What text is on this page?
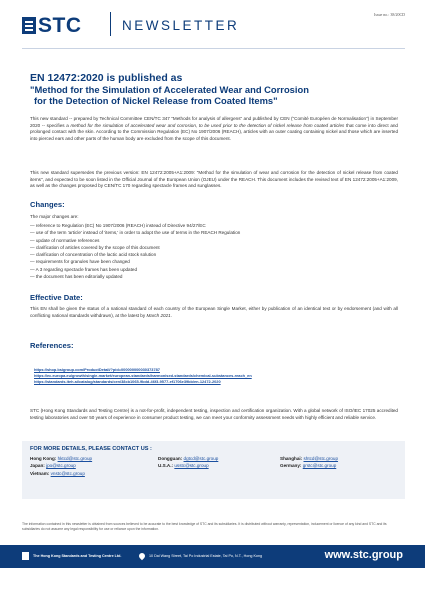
STC	NEWSLETTER
Issue no.: 38/20CD
EN 12472:2020 is published as
"Method for the Simulation of Accelerated Wear and Corrosion
for the Detection of Nickel Release from Coated Items"

This new standard -- prepared by Technical Committee CEN/TC 347 "Methods for analysis of allergens" and published by CEN ("Comité Européen de Normalisation") in September 2020 -- specifies a method for the simulation of accelerated wear and corrosion, to be used prior to the detection of nickel release from coated articles that come into direct and prolonged contact with the skin. According to the Commission Regulation (EC) No 1907/2006 (REACH), articles with an outer coating containing nickel and those which are inserted into pierced ears and other parts of the human body are excluded from the scope of this document.

This new standard supersedes the previous version: EN 12472:2005+A1:2009: "Method for the simulation of wear and corrosion for the detection of nickel release from coated items", and expected to be soon listed in the Official Journal of the European Union (OJEU) under the REACH. This document includes the revised text of EN 12472:2005+A1:2009, as well as the changes proposed by CEN/TC 170 regarding spectacle frames and sunglasses.

Changes:

The major changes are:

— reference to Regulation (EC) No 1907/2006 (REACH) instead of Directive 94/27/EC
— use of the term 'article' instead of 'items,' in order to adopt the use of terms in the REACH Regulation
— update of normative references
— clarification of articles covered by the scope of this document
— clarification of concentration of the lactic acid stock solution
— requirements for granules have been changed
— A 3 regarding spectacle frames has been updated
— the document has been editorially updated
Effective Date:

This EN shall be given the status of a national standard of each country of the European Single Market, either by publication of an identical text or by endorsement (and with all conflicting national standards withdrawn), at the latest by March 2021.

References:
https://shop.bsigroup.com/ProductDetail/?pid=000000000030373787
https://ec.europa.eu/growth/single-market/european-standards/harmonised-standards/chemical-substances-reach_en
https://standards.iteh.ai/catalog/standards/cen/38cb1065-9bdd-46f3-9577-ef1706e39bb/en-12472-2020

STC (Hong Kong Standards and Testing Centre) is a not-for-profit, independent testing, inspection and certification organization. With a global network of ISO/IEC 17025 accredited testing laboratories and over 50 years of experience in consumer product testing, we can meet your conformity assessment needs with highly efficient and reliable service.

FOR MORE DETAILS, PLEASE CONTACT US :
Hong Kong: hktcd@stc.group	Dongguan: dgtcd@stc.group	Shanghai: shtcd@stc.group
Japan: jpo@stc.group	U.S.A.: usstc@stc.group	Germany: grstc@stc.group
Vietnam: vnstc@stc.group

The information contained in this newsletter is obtained from sources believed to be accurate to the best knowledge of STC and its subsidiaries. It is distributed without warranty, representation, inducement or licence of any kind and STC and its subsidiaries do not assume any legal responsibility for use or reliance upon the information.

The Hong Kong Standards and Testing Centre Ltd.	10 Dai Wang Street, Tai Po Industrial Estate, Tai Po, N.T., Hong Kong	www.stc.group
